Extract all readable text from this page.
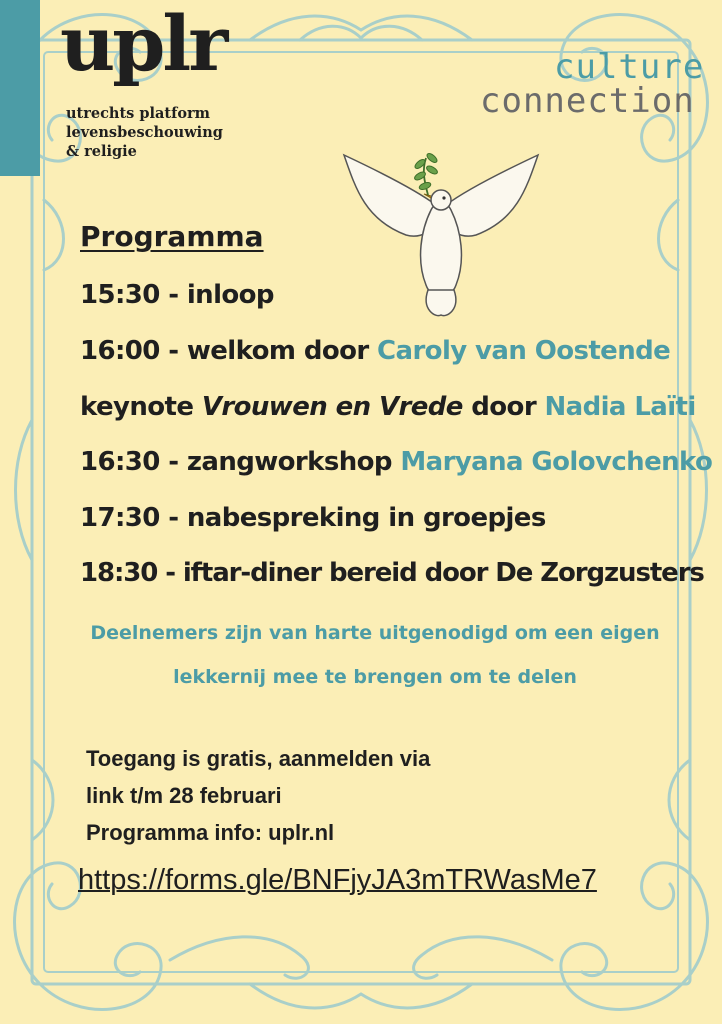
uplr
utrechts platform
levensbeschouwing
& religie
culture
connection
Programma
15:30 - inloop
16:00 - welkom door Caroly van Oostende
keynote Vrouwen en Vrede door Nadia Laïti
16:30 - zangworkshop Maryana Golovchenko
17:30 - nabespreking in groepjes
18:30 - iftar-diner bereid door De Zorgzusters
Deelnemers zijn van harte uitgenodigd om een eigen
lekkernij mee te brengen om te delen
Toegang is gratis, aanmelden via
link t/m 28 februari
Programma info: uplr.nl
https://forms.gle/BNFjyJA3mTRWasMe7
